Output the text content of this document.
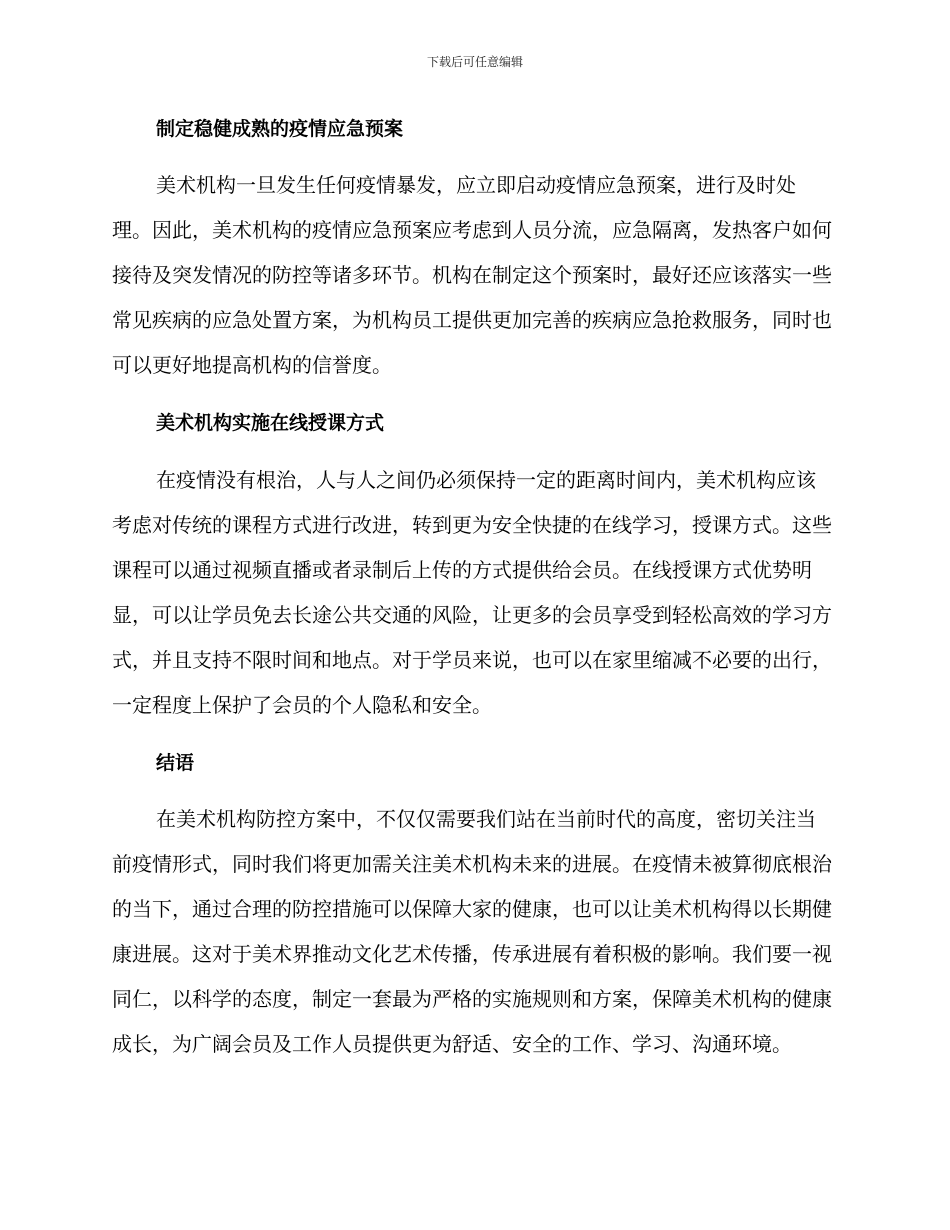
下载后可任意编辑
制定稳健成熟的疫情应急预案

美术机构一旦发生任何疫情暴发，应立即启动疫情应急预案，进行及时处理。因此，美术机构的疫情应急预案应考虑到人员分流，应急隔离，发热客户如何接待及突发情况的防控等诸多环节。机构在制定这个预案时，最好还应该落实一些常见疾病的应急处置方案，为机构员工提供更加完善的疾病应急抢救服务，同时也可以更好地提高机构的信誉度。

美术机构实施在线授课方式

在疫情没有根治，人与人之间仍必须保持一定的距离时间内，美术机构应该考虑对传统的课程方式进行改进，转到更为安全快捷的在线学习，授课方式。这些课程可以通过视频直播或者录制后上传的方式提供给会员。在线授课方式优势明显，可以让学员免去长途公共交通的风险，让更多的会员享受到轻松高效的学习方式，并且支持不限时间和地点。对于学员来说，也可以在家里缩减不必要的出行，一定程度上保护了会员的个人隐私和安全。

结语

在美术机构防控方案中，不仅仅需要我们站在当前时代的高度，密切关注当前疫情形式，同时我们将更加需关注美术机构未来的进展。在疫情未被算彻底根治的当下，通过合理的防控措施可以保障大家的健康，也可以让美术机构得以长期健康进展。这对于美术界推动文化艺术传播，传承进展有着积极的影响。我们要一视同仁，以科学的态度，制定一套最为严格的实施规则和方案，保障美术机构的健康成长，为广阔会员及工作人员提供更为舒适、安全的工作、学习、沟通环境。
